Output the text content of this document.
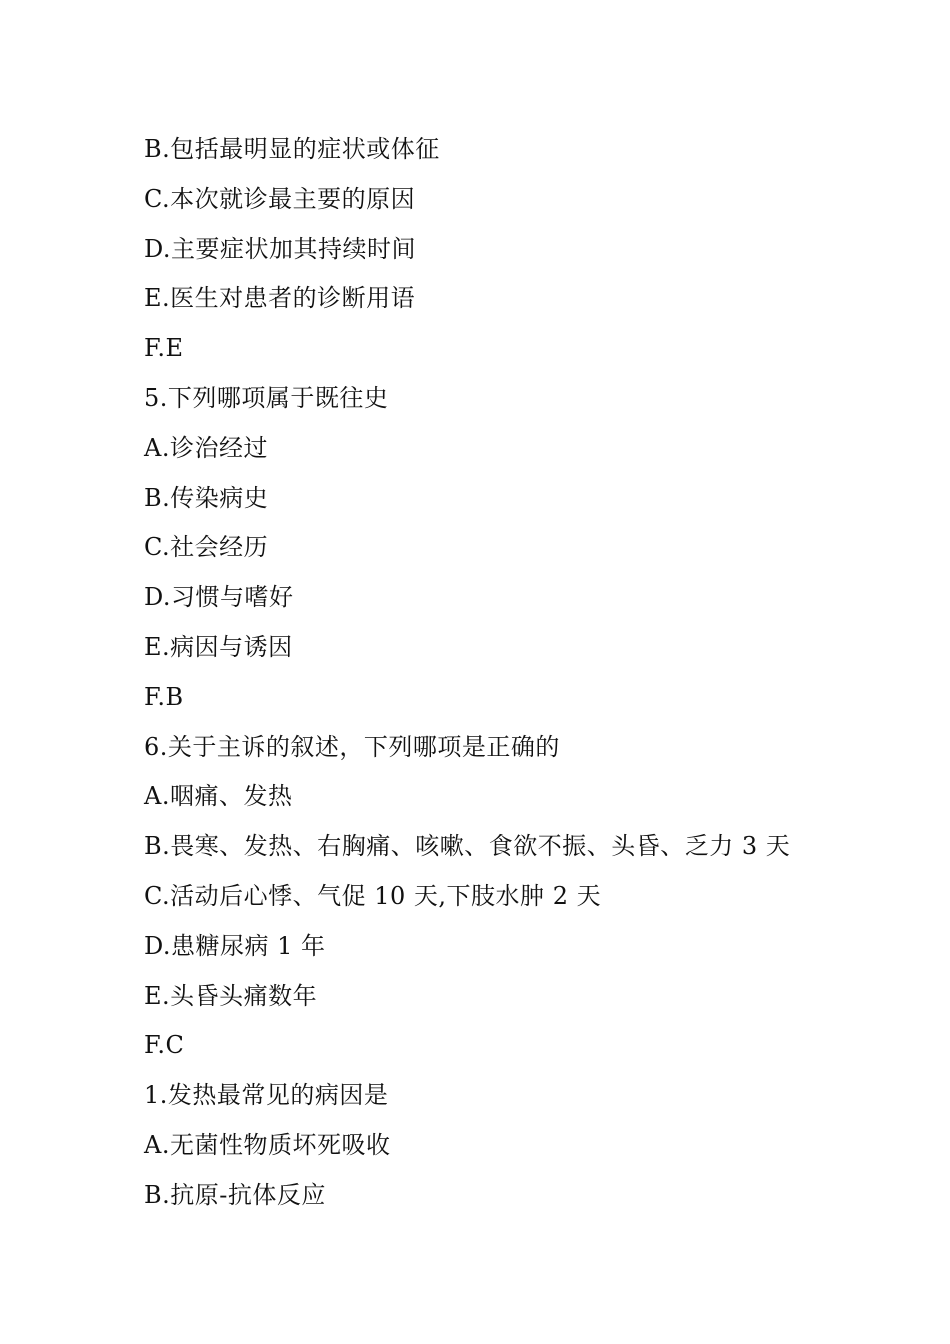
B.包括最明显的症状或体征
C.本次就诊最主要的原因
D.主要症状加其持续时间
E.医生对患者的诊断用语
F.E
5.下列哪项属于既往史
A.诊治经过
B.传染病史
C.社会经历
D.习惯与嗜好
E.病因与诱因
F.B
6.关于主诉的叙述，下列哪项是正确的
A.咽痛、发热
B.畏寒、发热、右胸痛、咳嗽、食欲不振、头昏、乏力 3 天
C.活动后心悸、气促 10 天,下肢水肿 2 天
D.患糖尿病 1 年
E.头昏头痛数年
F.C
1.发热最常见的病因是
A.无菌性物质坏死吸收
B.抗原-抗体反应
